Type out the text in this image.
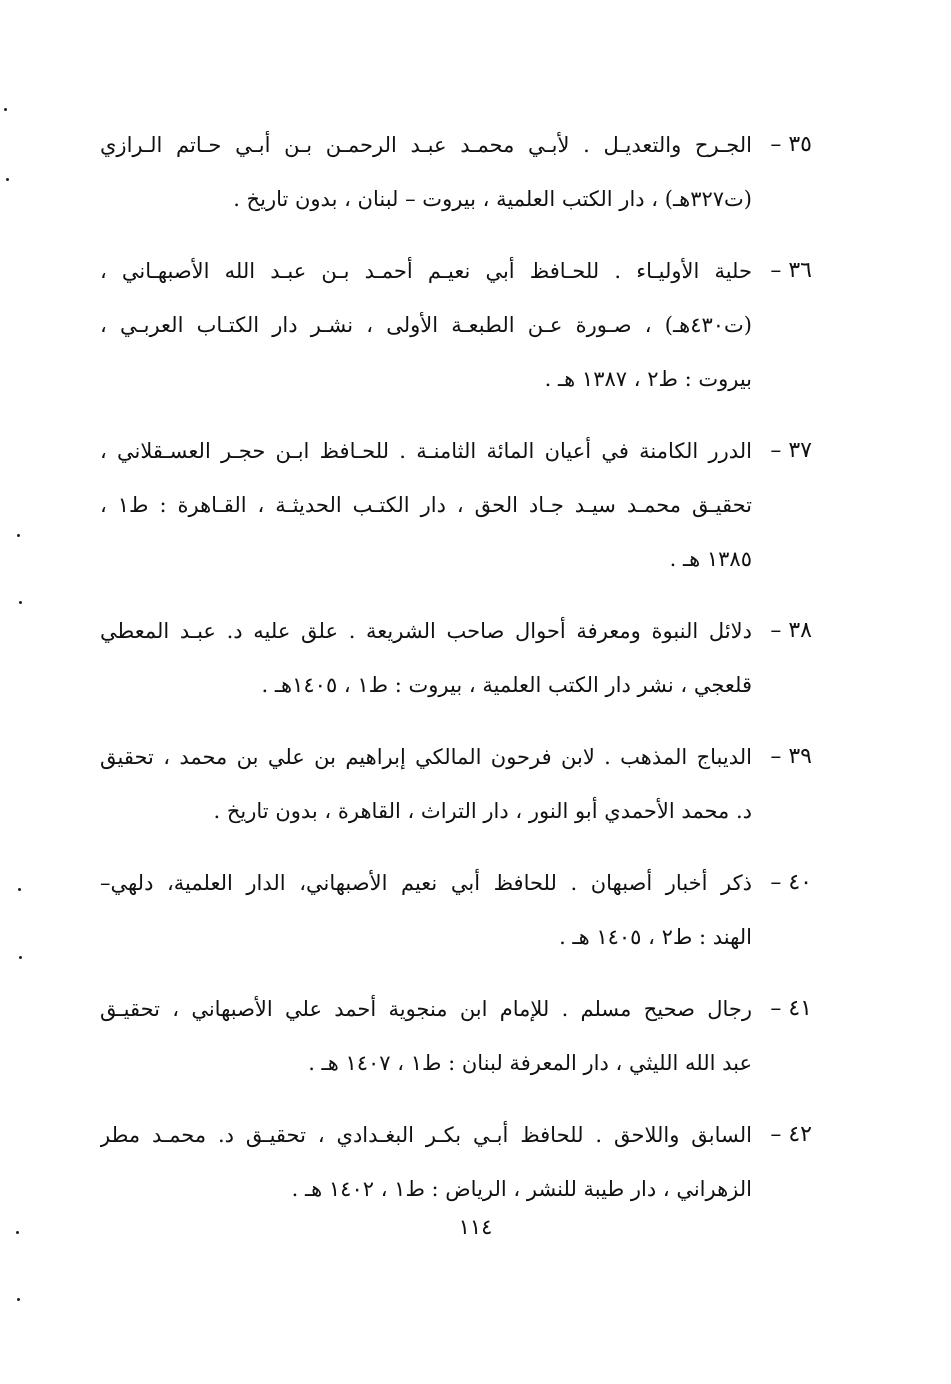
٣٥ –
الجـرح والتعديـل . لأبـي محمـد عبـد الرحمـن بـن أبـي حـاتم الـرازي
(ت٣٢٧هـ) ، دار الكتب العلمية ، بيروت – لبنان ، بدون تاريخ .
٣٦ –
حلية الأوليـاء . للحـافظ أبي نعيـم أحمـد بـن عبـد الله الأصبهـاني ،
(ت٤٣٠هـ) ، صـورة عـن الطبعـة الأولى ، نشـر دار الكتـاب العربـي ،
بيروت : ط٢ ، ١٣٨٧ هـ .
٣٧ –
الدرر الكامنة في أعيان المائة الثامنـة . للحـافظ ابـن حجـر العسـقلاني ،
تحقيـق محمـد سيـد جـاد الحق ، دار الكتـب الحديثـة ، القـاهرة : ط١ ،
١٣٨٥ هـ .
٣٨ –
دلائل النبوة ومعرفة أحوال صاحب الشريعة . علق عليه د. عبـد المعطي
قلعجي ، نشر دار الكتب العلمية ، بيروت : ط١ ، ١٤٠٥هـ .
٣٩ –
الديباج المذهب . لابن فرحون المالكي إبراهيم بن علي بن محمد ، تحقيق
د. محمد الأحمدي أبو النور ، دار التراث ، القاهرة ، بدون تاريخ .
٤٠ –
ذكر أخبار أصبهان . للحافظ أبي نعيم الأصبهاني، الدار العلمية، دلهي–
الهند : ط٢ ، ١٤٠٥ هـ .
٤١ –
رجال صحيح مسلم . للإمام ابن منجوية أحمد علي الأصبهاني ، تحقيـق
عبد الله الليثي ، دار المعرفة لبنان : ط١ ، ١٤٠٧ هـ .
٤٢ –
السابق واللاحق . للحافظ أبـي بكـر البغـدادي ، تحقيـق د. محمـد مطر
الزهراني ، دار طيبة للنشر ، الرياض : ط١ ، ١٤٠٢ هـ .
١١٤
